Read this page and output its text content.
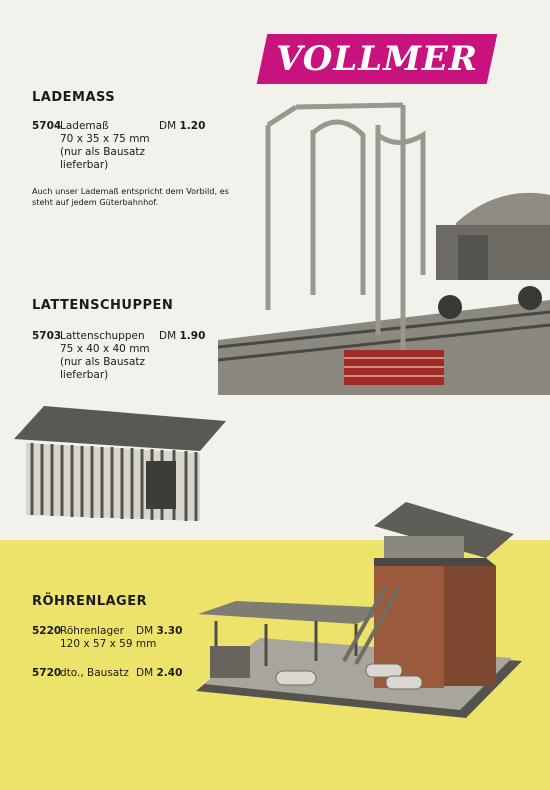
VOLLMER
LADEMASS
5704
Lademaß
70 x 35 x 75 mm
(nur als Bausatz
lieferbar)
DM 1.20
Auch unser Lademaß entspricht dem Vorbild, es steht auf jedem Güterbahnhof.
LATTENSCHUPPEN
5703
Lattenschuppen
75 x 40 x 40 mm
(nur als Bausatz
lieferbar)
DM 1.90
RÖHRENLAGER
5220
Röhrenlager
120 x 57 x 59 mm
DM 3.30
5720
dto., Bausatz DM 2.40
